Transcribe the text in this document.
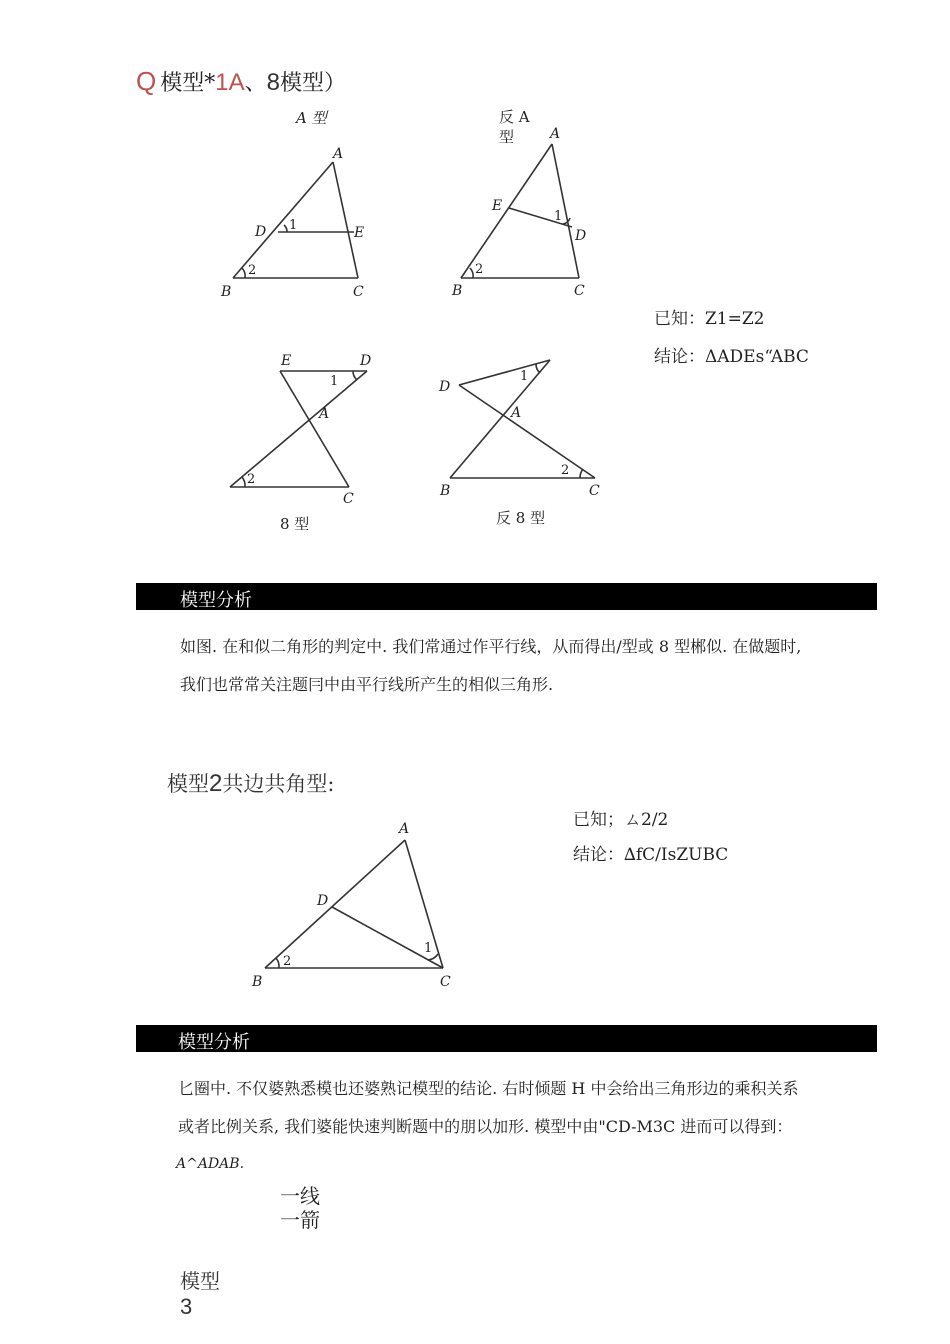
Q 模型*1A、8模型）
A 型	反 A
型
A
B	C
D	E
1
2
A
B	C
D
E
1
2
已知：Z1=Z2
结论：ΔADEs“ABC
E	D
A
C
1
2
D
A
B	C
1
2
8 型	反 8 型
模型分析
如图. 在和似二角形的判定中. 我们常通过作平行线，从而得出/型或 8 型郴似. 在做题时,
我们也常常关注题冃中由平行线所产生的相似三角形.
模型2共边共角型:
已知；ㄙ2/2
结论：∆fC/IsZUBC
A
B	C
D
1
2
模型分析
匕圈中. 不仅婆熟悉模也还婆熟记模型的结论. 右时倾题 H 中会给出三角形边的乘积关系
或者比例关系, 我们婆能快速判断题中的朋以加形. 模型中由"CD-M3C 进而可以得到：
A^ADAB.
一线
一箭
模型
3
